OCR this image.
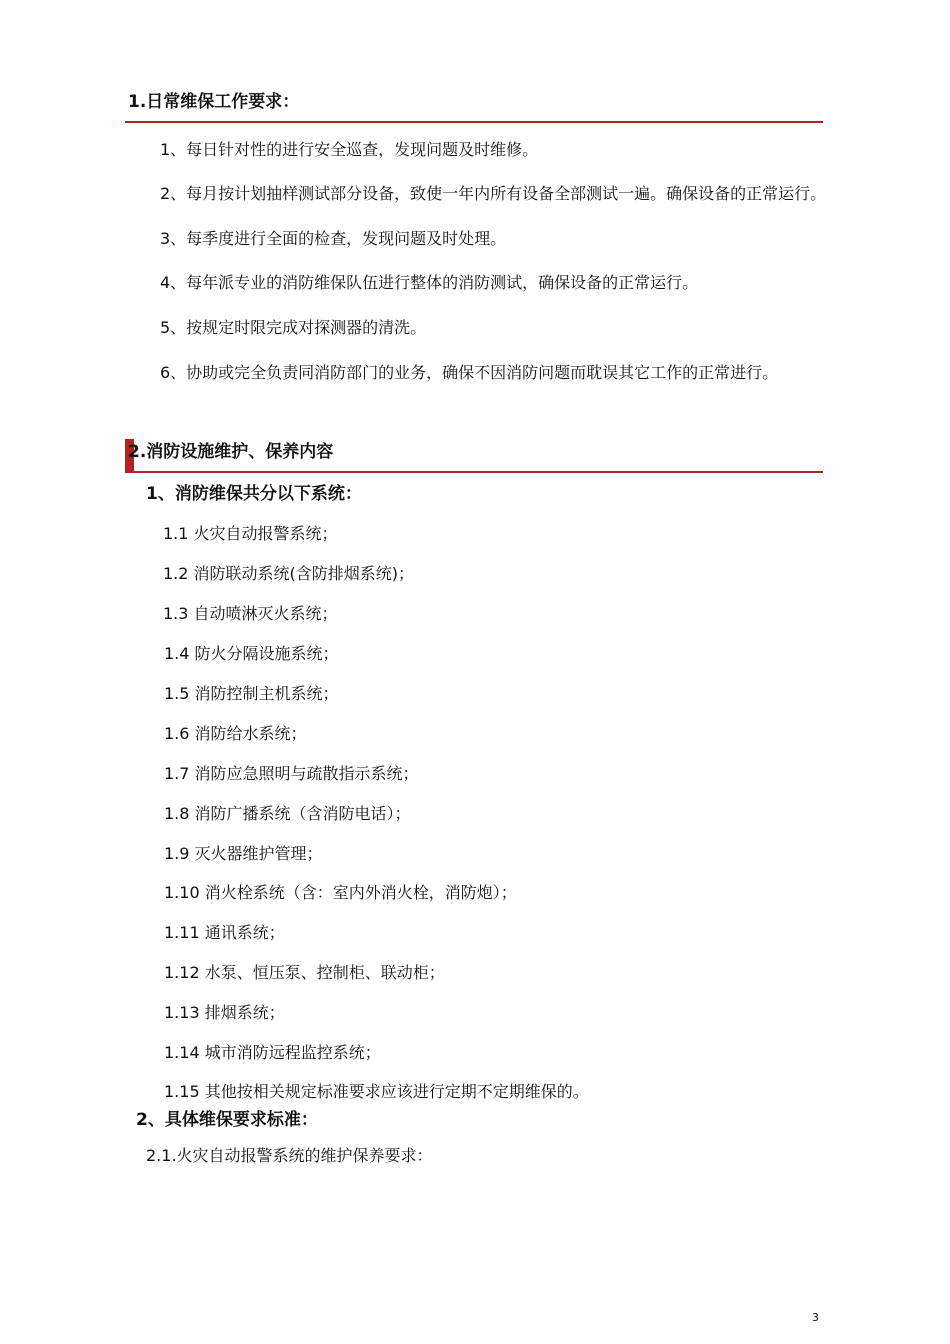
1.日常维保工作要求：
1、每日针对性的进行安全巡查，发现问题及时维修。
2、每月按计划抽样测试部分设备，致使一年内所有设备全部测试一遍。确保设备的正常运行。
3、每季度进行全面的检查，发现问题及时处理。
4、每年派专业的消防维保队伍进行整体的消防测试，确保设备的正常运行。
5、按规定时限完成对探测器的清洗。
6、协助或完全负责同消防部门的业务，确保不因消防问题而耽误其它工作的正常进行。
2.消防设施维护、保养内容
1、消防维保共分以下系统：
1.1 火灾自动报警系统；
1.2 消防联动系统(含防排烟系统)；
1.3 自动喷淋灭火系统；
1.4 防火分隔设施系统；
1.5 消防控制主机系统；
1.6 消防给水系统；
1.7 消防应急照明与疏散指示系统；
1.8 消防广播系统（含消防电话）；
1.9 灭火器维护管理；
1.10 消火栓系统（含：室内外消火栓，消防炮）；
1.11 通讯系统；
1.12 水泵、恒压泵、控制柜、联动柜；
1.13 排烟系统；
1.14 城市消防远程监控系统；
1.15 其他按相关规定标准要求应该进行定期不定期维保的。
2、具体维保要求标准：
2.1.火灾自动报警系统的维护保养要求：
3
